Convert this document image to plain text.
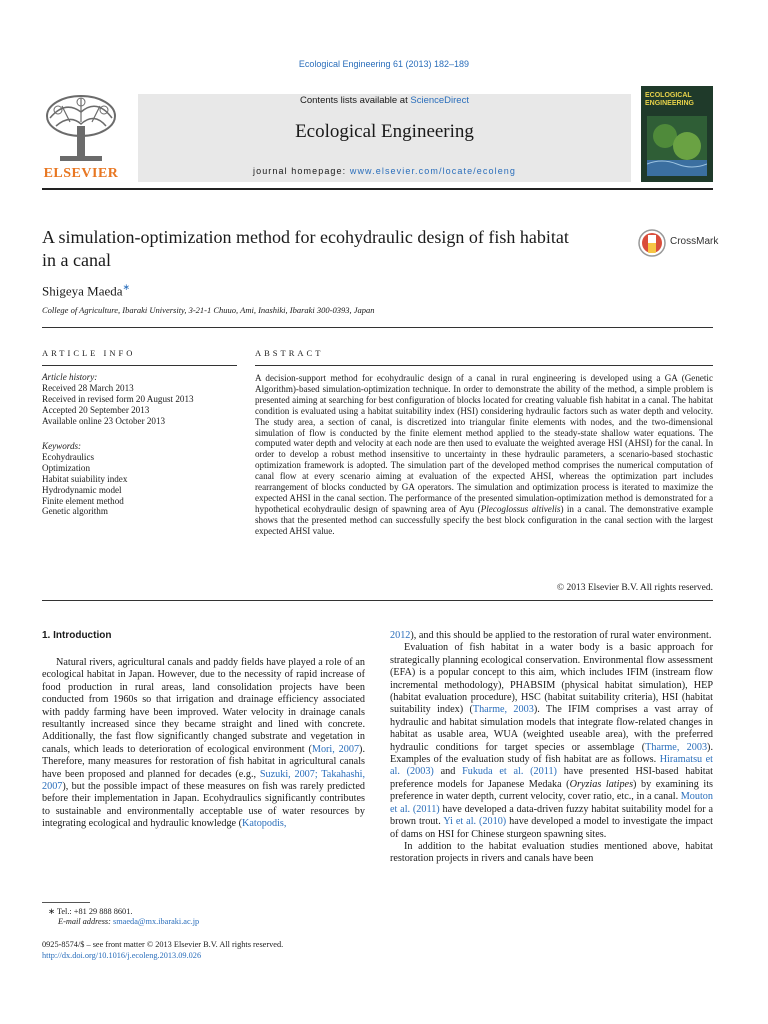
Ecological Engineering 61 (2013) 182–189
ELSEVIER
Contents lists available at ScienceDirect
Ecological Engineering
journal homepage: www.elsevier.com/locate/ecoleng
ECOLOGICAL ENGINEERING
A simulation-optimization method for ecohydraulic design of fish habitat in a canal
CrossMark
Shigeya Maeda∗
College of Agriculture, Ibaraki University, 3-21-1 Chuuo, Ami, Inashiki, Ibaraki 300-0393, Japan
ARTICLE INFO
Article history:
Received 28 March 2013
Received in revised form 20 August 2013
Accepted 20 September 2013
Available online 23 October 2013
Keywords:
Ecohydraulics
Optimization
Habitat suiability index
Hydrodynamic model
Finite element method
Genetic algorithm
ABSTRACT
A decision-support method for ecohydraulic design of a canal in rural engineering is developed using a GA (Genetic Algorithm)-based simulation-optimization technique. In order to demonstrate the ability of the method, a simple problem is presented aiming at searching for best configuration of blocks located for creating valuable fish habitat in a canal. The habitat condition is evaluated using a habitat suitability index (HSI) considering hydraulic factors such as water depth and velocity. The study area, a section of canal, is discretized into triangular finite elements with nodes, and the two-dimensional simulation of flow is conducted by the finite element method applied to the steady-state shallow water equations. The computed water depth and velocity at each node are then used to evaluate the weighted average HSI (AHSI) for the canal. In order to develop a robust method insensitive to uncertainty in these hydraulic parameters, a scenario-based stochastic optimization framework is adopted. The simulation part of the developed method comprises the numerical computation of canal flow at every scenario aiming at evaluation of the expected AHSI, whereas the optimization part includes rearrangement of blocks conducted by GA operators. The simulation and optimization process is iterated to maximize the expected AHSI in the canal section. The performance of the presented simulation-optimization method is demonstrated for a hypothetical ecohydraulic design of spawning area of Ayu (Plecoglossus altivelis) in a canal. The demonstrative example shows that the presented method can successfully specify the best block configuration in the canal section with the largest expected AHSI value.
© 2013 Elsevier B.V. All rights reserved.
1. Introduction

Natural rivers, agricultural canals and paddy fields have played a role of an ecological habitat in Japan. However, due to the necessity of rapid increase of food production in rural areas, land consolidation projects have been conducted from 1960s so that irrigation and drainage efficiency associated with paddy farming have been improved. Water velocity in drainage canals resultantly increased since they became straight and lined with concrete. Additionally, the fast flow significantly changed substrate and vegetation in canals, which leads to deterioration of ecological environment (Mori, 2007). Therefore, many measures for restoration of fish habitat in agricultural canals have been proposed and planned for decades (e.g., Suzuki, 2007; Takahashi, 2007), but the possible impact of these measures on fish was rarely predicted before their implementation in Japan. Ecohydraulics significantly contributes to sustainable and environmentally acceptable use of water resources by integrating ecological and hydraulic knowledge (Katopodis,

2012), and this should be applied to the restoration of rural water environment.

Evaluation of fish habitat in a water body is a basic approach for strategically planning ecological conservation. Environmental flow assessment (EFA) is a popular concept to this aim, which includes IFIM (instream flow incremental methodology), PHABSIM (physical habitat simulation), HEP (habitat evaluation procedure), HSC (habitat suitability criteria), HSI (habitat suitability index) (Tharme, 2003). The IFIM comprises a vast array of hydraulic and habitat simulation models that integrate flow-related changes in habitat as usable area, WUA (weighted useable area), with the preferred hydraulic conditions for target species or assemblage (Tharme, 2003). Examples of the evaluation study of fish habitat are as follows. Hiramatsu et al. (2003) and Fukuda et al. (2011) have presented HSI-based habitat preference models for Japanese Medaka (Oryzias latipes) by examining its preference in water depth, current velocity, cover ratio, etc., in a canal. Mouton et al. (2011) have developed a data-driven fuzzy habitat suitability model for a brown trout. Yi et al. (2010) have developed a model to investigate the impact of dams on HSI for Chinese sturgeon spawning sites.

In addition to the habitat evaluation studies mentioned above, habitat restoration projects in rivers and canals have been

∗ Tel.: +81 29 888 8601.
E-mail address: smaeda@mx.ibaraki.ac.jp
0925-8574/$ – see front matter © 2013 Elsevier B.V. All rights reserved.
http://dx.doi.org/10.1016/j.ecoleng.2013.09.026
